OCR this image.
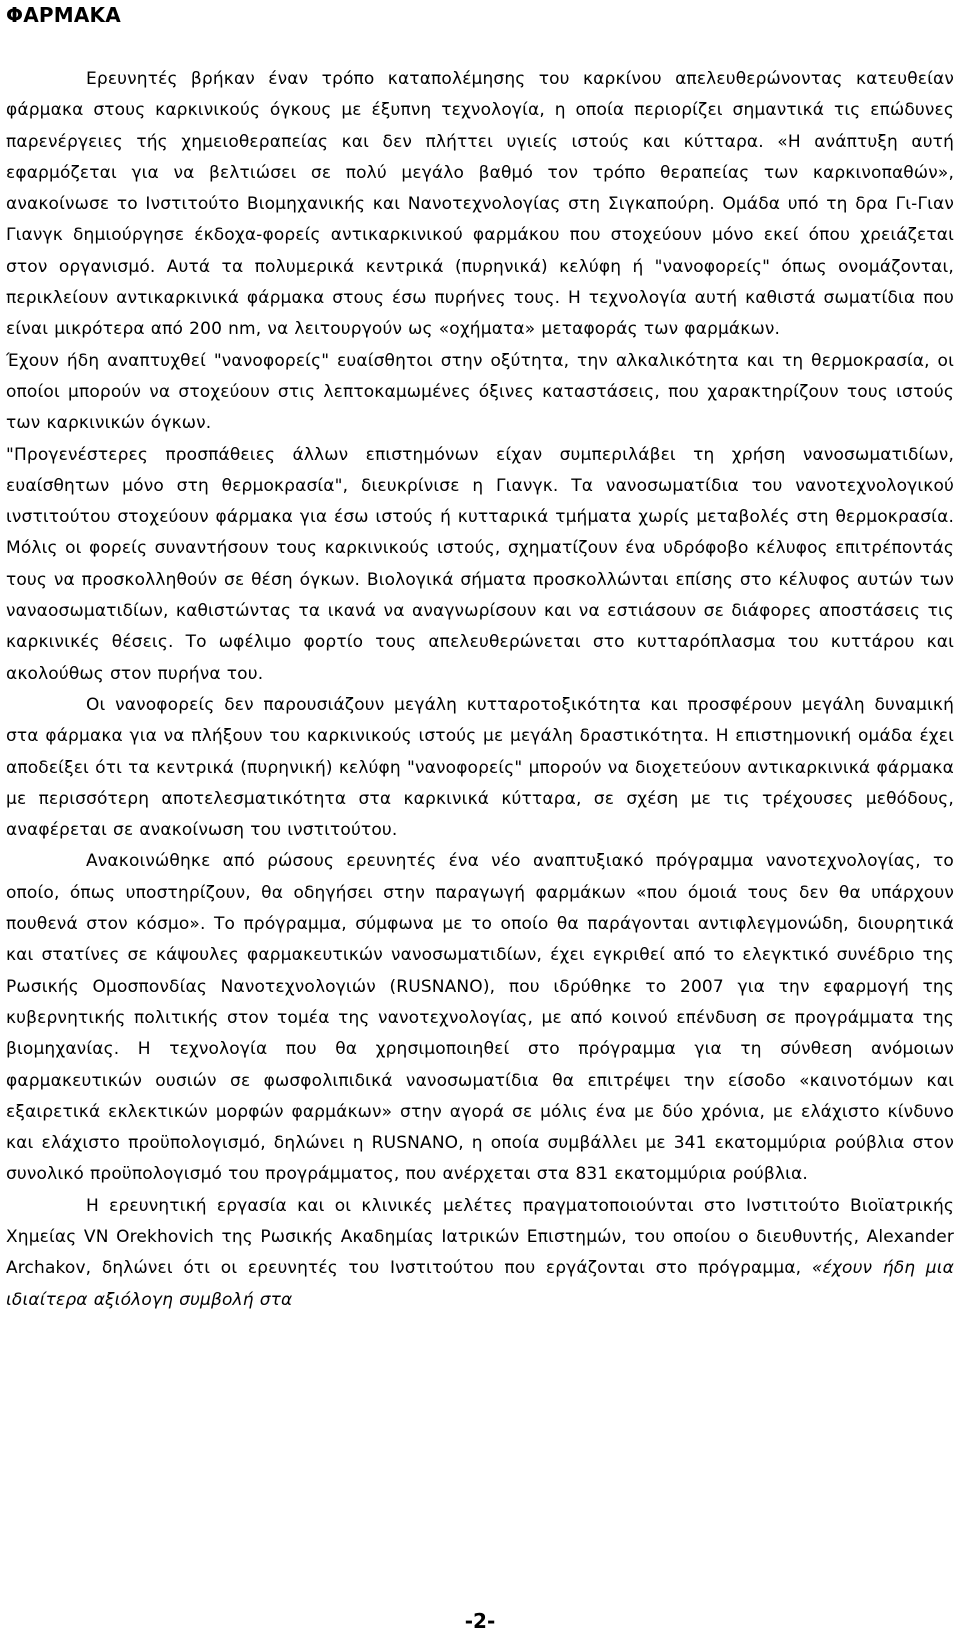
ΦΑΡΜΑΚΑ

Ερευνητές βρήκαν έναν τρόπο καταπολέμησης του καρκίνου απελευθερώνοντας κατευθείαν φάρμακα στους καρκινικούς όγκους με έξυπνη τεχνολογία, η οποία περιορίζει σημαντικά τις επώδυνες παρενέργειες τής χημειοθεραπείας και δεν πλήττει υγιείς ιστούς και κύτταρα. «Η ανάπτυξη αυτή εφαρμόζεται για να βελτιώσει σε πολύ μεγάλο βαθμό τον τρόπο θεραπείας των καρκινοπαθών», ανακοίνωσε το Ινστιτούτο Βιομηχανικής και Νανοτεχνολογίας στη Σιγκαπούρη. Ομάδα υπό τη δρα Γι-Γιαν Γιανγκ δημιούργησε έκδοχα-φορείς αντικαρκινικού φαρμάκου που στοχεύουν μόνο εκεί όπου χρειάζεται στον οργανισμό. Αυτά τα πολυμερικά κεντρικά (πυρηνικά) κελύφη ή "νανοφορείς" όπως ονομάζονται, περικλείουν αντικαρκινικά φάρμακα στους έσω πυρήνες τους. Η τεχνολογία αυτή καθιστά σωματίδια που είναι μικρότερα από 200 nm, να λειτουργούν ως «οχήματα» μεταφοράς των φαρμάκων.

Έχουν ήδη αναπτυχθεί "νανοφορείς" ευαίσθητοι στην οξύτητα, την αλκαλικότητα και τη θερμοκρασία, οι οποίοι μπορούν να στοχεύουν στις λεπτοκαμωμένες όξινες καταστάσεις, που χαρακτηρίζουν τους ιστούς των καρκινικών όγκων.

"Προγενέστερες προσπάθειες άλλων επιστημόνων είχαν συμπεριλάβει τη χρήση νανοσωματιδίων, ευαίσθητων μόνο στη θερμοκρασία", διευκρίνισε η Γιανγκ. Τα νανοσωματίδια του νανοτεχνολογικού ινστιτούτου στοχεύουν φάρμακα για έσω ιστούς ή κυτταρικά τμήματα χωρίς μεταβολές στη θερμοκρασία. Μόλις οι φορείς συναντήσουν τους καρκινικούς ιστούς, σχηματίζουν ένα υδρόφοβο κέλυφος επιτρέποντάς τους να προσκολληθούν σε θέση όγκων. Βιολογικά σήματα προσκολλώνται επίσης στο κέλυφος αυτών των ναναοσωματιδίων, καθιστώντας τα ικανά να αναγνωρίσουν και να εστιάσουν σε διάφορες αποστάσεις τις καρκινικές θέσεις. Το ωφέλιμο φορτίο τους απελευθερώνεται στο κυτταρόπλασμα του κυττάρου και ακολούθως στον πυρήνα του.

Οι νανοφορείς δεν παρουσιάζουν μεγάλη κυτταροτοξικότητα και προσφέρουν μεγάλη δυναμική στα φάρμακα για να πλήξουν του καρκινικούς ιστούς με μεγάλη δραστικότητα. Η επιστημονική ομάδα έχει αποδείξει ότι τα κεντρικά (πυρηνική) κελύφη "νανοφορείς" μπορούν να διοχετεύουν αντικαρκινικά φάρμακα με περισσότερη αποτελεσματικότητα στα καρκινικά κύτταρα, σε σχέση με τις τρέχουσες μεθόδους, αναφέρεται σε ανακοίνωση του ινστιτούτου.

Ανακοινώθηκε από ρώσους ερευνητές ένα νέο αναπτυξιακό πρόγραμμα νανοτεχνολογίας, το οποίο, όπως υποστηρίζουν, θα οδηγήσει στην παραγωγή φαρμάκων «που όμοιά τους δεν θα υπάρχουν πουθενά στον κόσμο». Το πρόγραμμα, σύμφωνα με το οποίο θα παράγονται αντιφλεγμονώδη, διουρητικά και στατίνες σε κάψουλες φαρμακευτικών νανοσωματιδίων, έχει εγκριθεί από το ελεγκτικό συνέδριο της Ρωσικής Ομοσπονδίας Νανοτεχνολογιών (RUSNANO), που ιδρύθηκε το 2007 για την εφαρμογή της κυβερνητικής πολιτικής στον τομέα της νανοτεχνολογίας, με από κοινού επένδυση σε προγράμματα της βιομηχανίας. Η τεχνολογία που θα χρησιμοποιηθεί στο πρόγραμμα για τη σύνθεση ανόμοιων φαρμακευτικών ουσιών σε φωσφολιπιδικά νανοσωματίδια θα επιτρέψει την είσοδο «καινοτόμων και εξαιρετικά εκλεκτικών μορφών φαρμάκων» στην αγορά σε μόλις ένα με δύο χρόνια, με ελάχιστο κίνδυνο και ελάχιστο προϋπολογισμό, δηλώνει η RUSNANO, η οποία συμβάλλει με 341 εκατομμύρια ρούβλια στον συνολικό προϋπολογισμό του προγράμματος, που ανέρχεται στα 831 εκατομμύρια ρούβλια.

Η ερευνητική εργασία και οι κλινικές μελέτες πραγματοποιούνται στο Ινστιτούτο Βιοϊατρικής Χημείας VN Orekhovich της Ρωσικής Ακαδημίας Ιατρικών Επιστημών, του οποίου ο διευθυντής, Alexander Archakov, δηλώνει ότι οι ερευνητές του Ινστιτούτου που εργάζονται στο πρόγραμμα, «έχουν ήδη μια ιδιαίτερα αξιόλογη συμβολή στα

-2-
